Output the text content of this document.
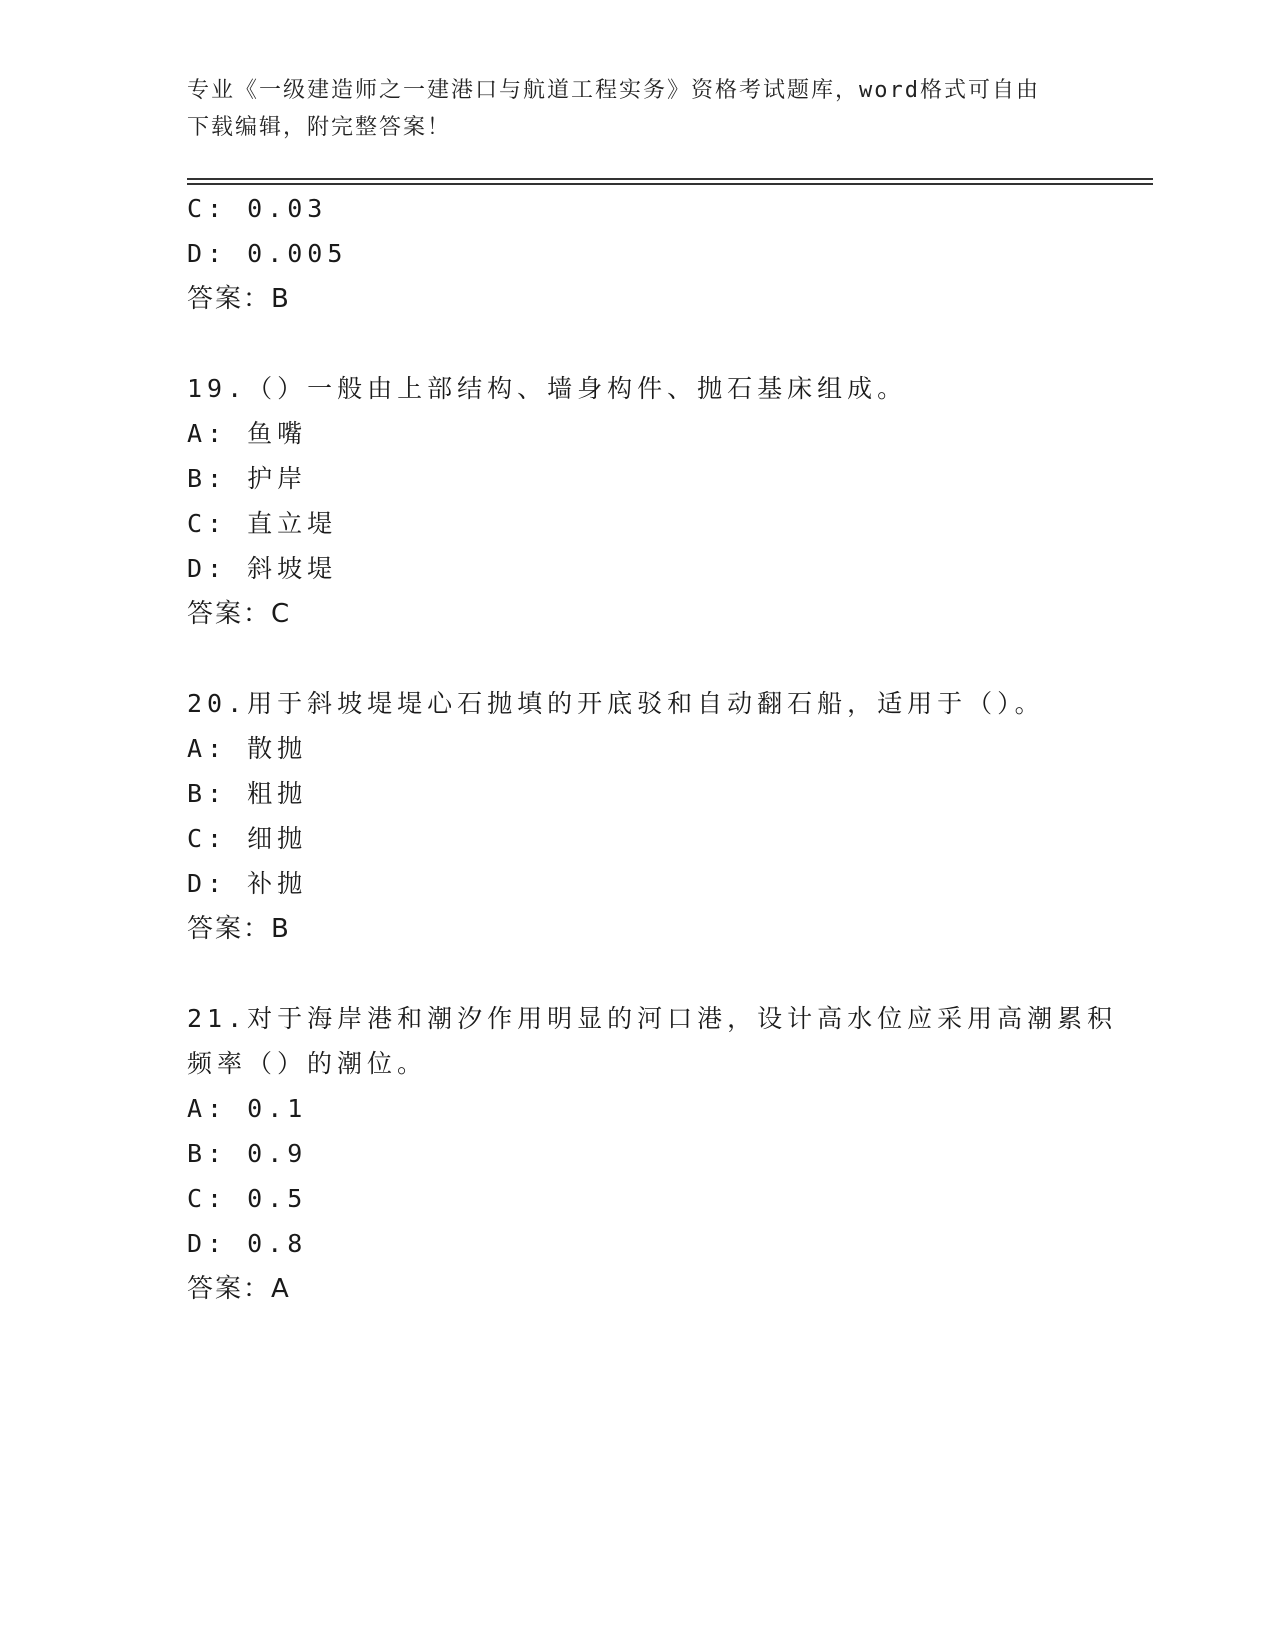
专业《一级建造师之一建港口与航道工程实务》资格考试题库，word格式可自由
下载编辑，附完整答案！
C: 0.03
D: 0.005
答案：B
19.（）一般由上部结构、墙身构件、抛石基床组成。
A: 鱼嘴
B: 护岸
C: 直立堤
D: 斜坡堤
答案：C
20.用于斜坡堤堤心石抛填的开底驳和自动翻石船，适用于（）。
A: 散抛
B: 粗抛
C: 细抛
D: 补抛
答案：B
21.对于海岸港和潮汐作用明显的河口港，设计高水位应采用高潮累积
频率（）的潮位。
A: 0.1
B: 0.9
C: 0.5
D: 0.8
答案：A
